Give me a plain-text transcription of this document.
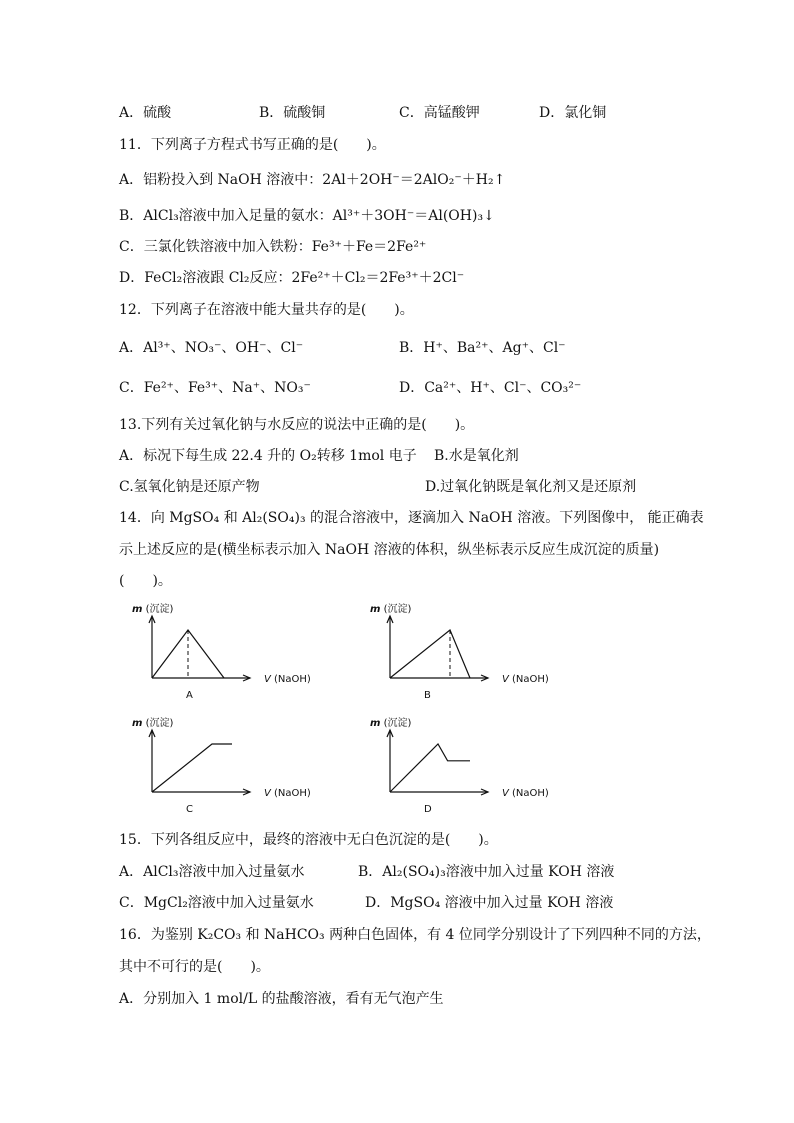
A．硫酸	B．硫酸铜	C．高锰酸钾	D．氯化铜
11．下列离子方程式书写正确的是(　　)。
A．铝粉投入到 NaOH 溶液中：2Al＋2OH⁻＝2AlO₂⁻＋H₂↑
B．AlCl₃溶液中加入足量的氨水：Al³⁺＋3OH⁻＝Al(OH)₃↓
C．三氯化铁溶液中加入铁粉：Fe³⁺＋Fe＝2Fe²⁺
D．FeCl₂溶液跟 Cl₂反应：2Fe²⁺＋Cl₂＝2Fe³⁺＋2Cl⁻
12．下列离子在溶液中能大量共存的是(　　)。
A．Al³⁺、NO₃⁻、OH⁻、Cl⁻	B．H⁺、Ba²⁺、Ag⁺、Cl⁻
C．Fe²⁺、Fe³⁺、Na⁺、NO₃⁻	D．Ca²⁺、H⁺、Cl⁻、CO₃²⁻
13.下列有关过氧化钠与水反应的说法中正确的是(　　)。
A．标况下每生成 22.4 升的 O₂转移 1mol 电子 B.水是氧化剂
C.氢氧化钠是还原产物	D.过氧化钠既是氧化剂又是还原剂
14．向 MgSO₄ 和 Al₂(SO₄)₃ 的混合溶液中，逐滴加入 NaOH 溶液。下列图像中， 能正确表
示上述反应的是(横坐标表示加入 NaOH 溶液的体积，纵坐标表示反应生成沉淀的质量)
(　　)。
m (沉淀)
V (NaOH)
A
m (沉淀)
V (NaOH)
B
m (沉淀)
V (NaOH)
C
m (沉淀)
V (NaOH)
D
15．下列各组反应中，最终的溶液中无白色沉淀的是(　　)。
A．AlCl₃溶液中加入过量氨水	B．Al₂(SO₄)₃溶液中加入过量 KOH 溶液
C．MgCl₂溶液中加入过量氨水	D．MgSO₄ 溶液中加入过量 KOH 溶液
16．为鉴别 K₂CO₃ 和 NaHCO₃ 两种白色固体，有 4 位同学分别设计了下列四种不同的方法，
其中不可行的是(　　)。
A．分别加入 1 mol/L 的盐酸溶液，看有无气泡产生
